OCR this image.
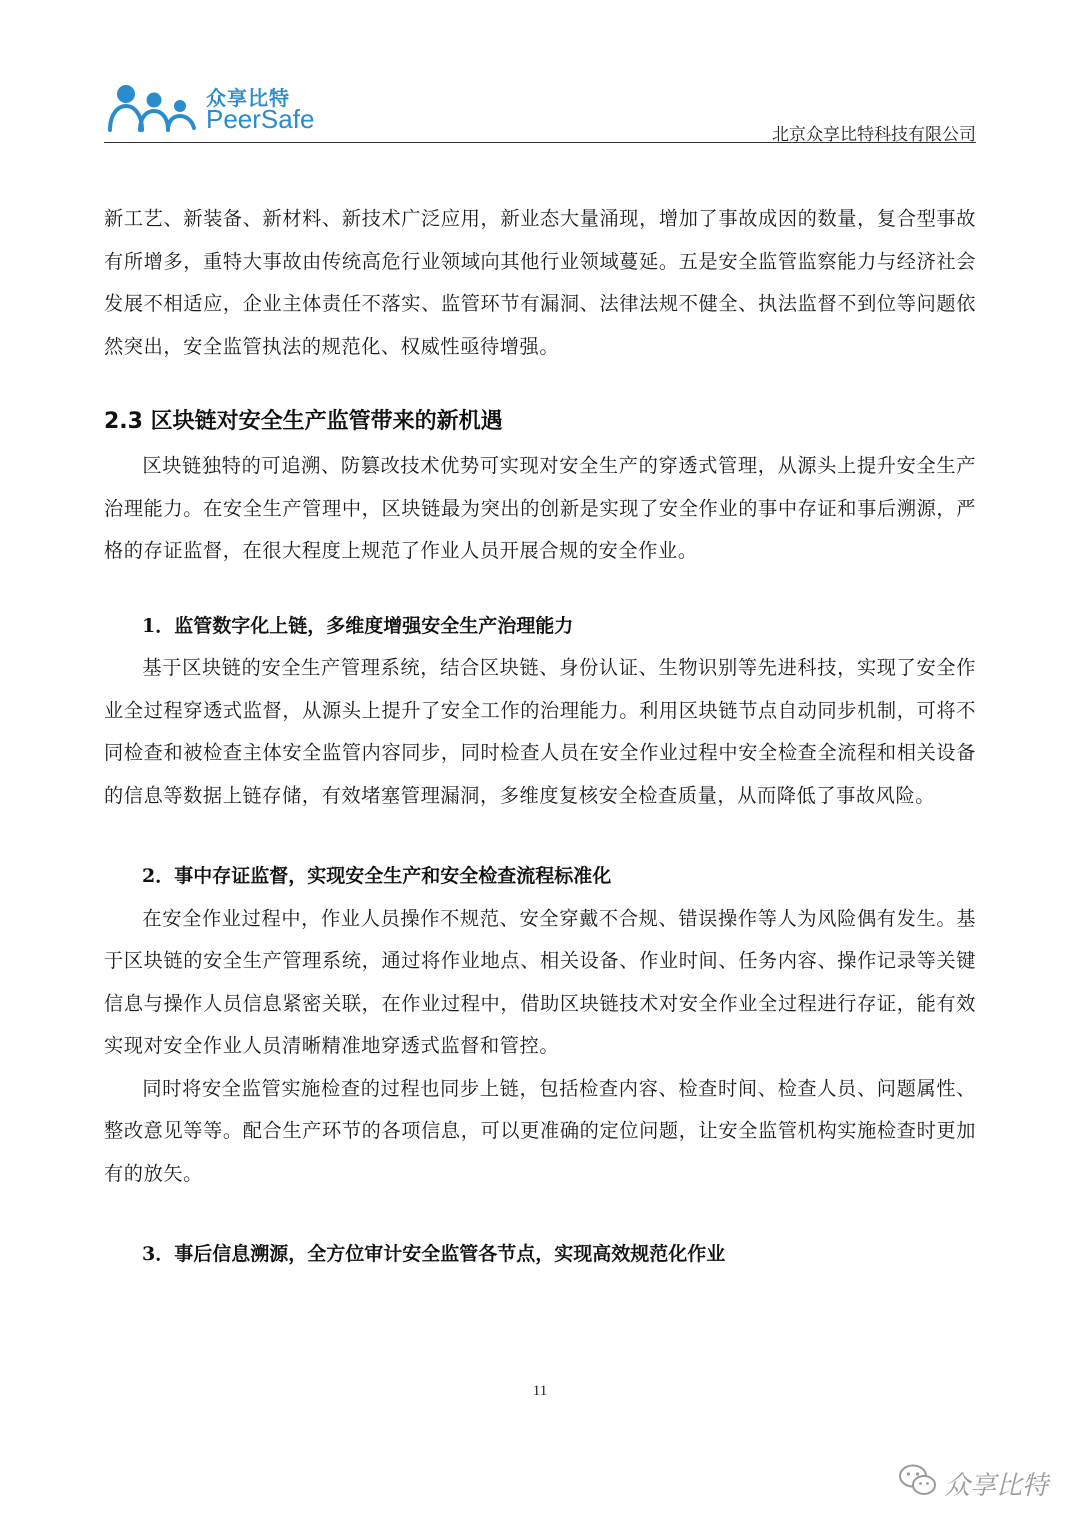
众享比特
PeerSafe
北京众享比特科技有限公司

新工艺、新装备、新材料、新技术广泛应用，新业态大量涌现，增加了事故成因的数量，复合型事故有所增多，重特大事故由传统高危行业领域向其他行业领域蔓延。五是安全监管监察能力与经济社会发展不相适应，企业主体责任不落实、监管环节有漏洞、法律法规不健全、执法监督不到位等问题依然突出，安全监管执法的规范化、权威性亟待增强。

2.3 区块链对安全生产监管带来的新机遇

区块链独特的可追溯、防篡改技术优势可实现对安全生产的穿透式管理，从源头上提升安全生产治理能力。在安全生产管理中，区块链最为突出的创新是实现了安全作业的事中存证和事后溯源，严格的存证监督，在很大程度上规范了作业人员开展合规的安全作业。

1．监管数字化上链，多维度增强安全生产治理能力

基于区块链的安全生产管理系统，结合区块链、身份认证、生物识别等先进科技，实现了安全作业全过程穿透式监督，从源头上提升了安全工作的治理能力。利用区块链节点自动同步机制，可将不同检查和被检查主体安全监管内容同步，同时检查人员在安全作业过程中安全检查全流程和相关设备的信息等数据上链存储，有效堵塞管理漏洞，多维度复核安全检查质量，从而降低了事故风险。

2．事中存证监督，实现安全生产和安全检查流程标准化

在安全作业过程中，作业人员操作不规范、安全穿戴不合规、错误操作等人为风险偶有发生。基于区块链的安全生产管理系统，通过将作业地点、相关设备、作业时间、任务内容、操作记录等关键信息与操作人员信息紧密关联，在作业过程中，借助区块链技术对安全作业全过程进行存证，能有效实现对安全作业人员清晰精准地穿透式监督和管控。

同时将安全监管实施检查的过程也同步上链，包括检查内容、检查时间、检查人员、问题属性、整改意见等等。配合生产环节的各项信息，可以更准确的定位问题，让安全监管机构实施检查时更加有的放矢。

3．事后信息溯源，全方位审计安全监管各节点，实现高效规范化作业
11
众享比特
